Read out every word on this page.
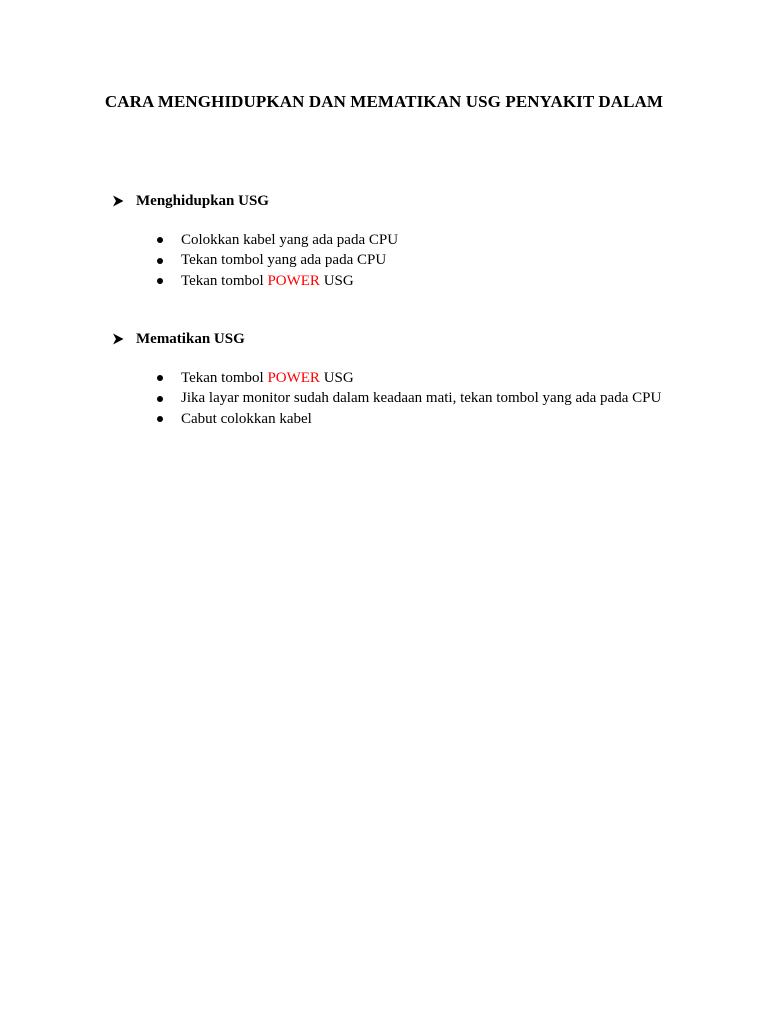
CARA MENGHIDUPKAN DAN MEMATIKAN USG PENYAKIT DALAM
Menghidupkan USG
Colokkan kabel yang ada pada CPU
Tekan tombol yang ada pada CPU
Tekan tombol POWER USG
Mematikan USG
Tekan tombol POWER USG
Jika layar monitor sudah dalam keadaan mati, tekan tombol yang ada pada CPU
Cabut colokkan kabel
